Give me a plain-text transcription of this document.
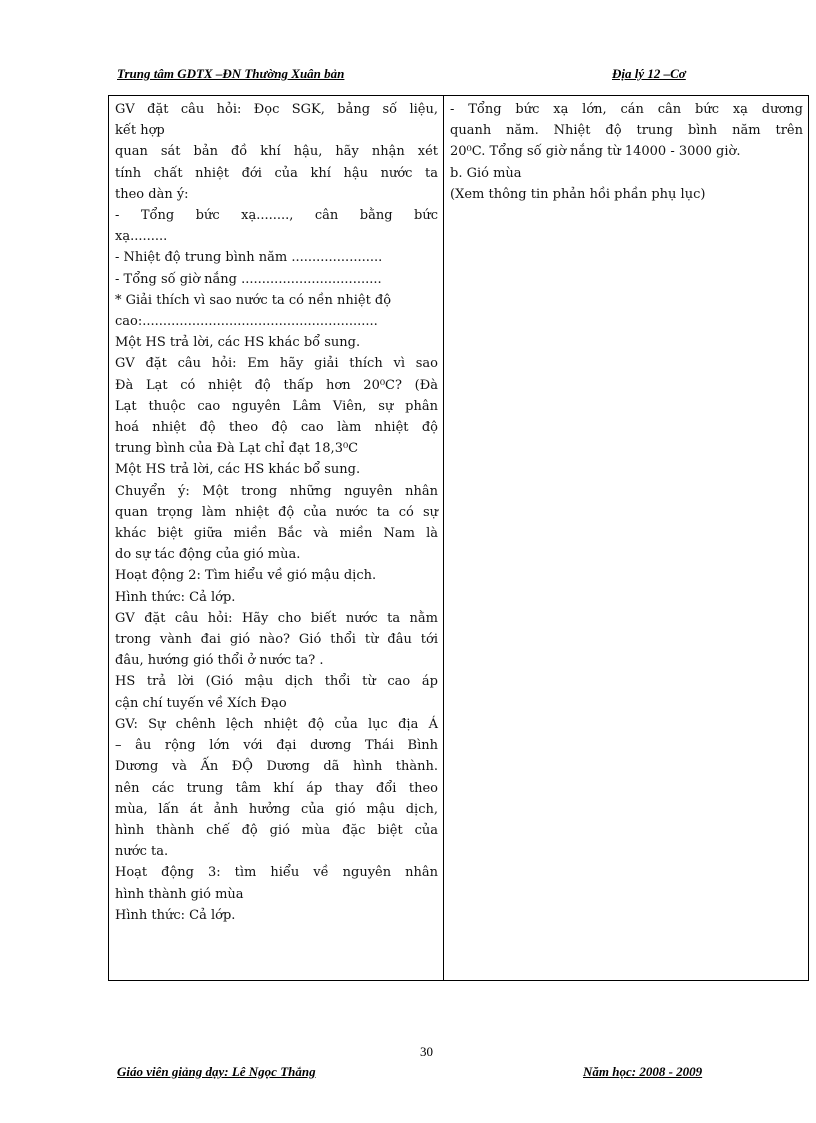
Trung tâm GDTX –ĐN Thường Xuân bản	Địa lý 12 –Cơ

GV đặt câu hỏi: Đọc SGK, bảng số liệu,

kết hợp

quan sát bản đồ khí hậu, hãy nhận xét

tính chất nhiệt đới của khí hậu nước ta

theo dàn ý:

- Tổng bức xạ........, cân bằng bức

xạ.........

- Nhiệt độ trung bình năm ......................

- Tổng số giờ nắng ..................................

* Giải thích vì sao nước ta có nền nhiệt độ

cao:.........................................................

Một HS trả lời, các HS khác bổ sung.

GV đặt câu hỏi: Em hãy giải thích vì sao

Đà Lạt có nhiệt độ thấp hơn 20⁰C? (Đà

Lạt thuộc cao nguyên Lâm Viên, sự phân

hoá nhiệt độ theo độ cao làm nhiệt độ

trung bình của Đà Lạt chỉ đạt 18,3⁰C

Một HS trả lời, các HS khác bổ sung.

Chuyển ý: Một trong những nguyên nhân

quan trọng làm nhiệt độ của nước ta có sự

khác biệt giữa miền Bắc và miền Nam là

do sự tác động của gió mùa.

Hoạt động 2: Tìm hiểu về gió mậu dịch.

Hình thức: Cả lớp.

GV đặt câu hỏi: Hãy cho biết nước ta nằm

trong vành đai gió nào? Gió thổi từ đâu tới

đâu, hướng gió thổi ở nước ta? .

HS trả lời (Gió mậu dịch thổi từ cao áp

cận chí tuyến về Xích Đạo

GV: Sự chênh lệch nhiệt độ của lục địa Á

– âu rộng lớn với đại dương Thái Bình

Dương và Ấn ĐỘ Dương dã hình thành.

nên các trung tâm khí áp thay đổi theo

mùa, lấn át ảnh hưởng của gió mậu dịch,

hình thành chế độ gió mùa đặc biệt của

nước ta.

Hoạt động 3: tìm hiểu về nguyên nhân

hình thành gió mùa

Hình thức: Cả lớp.

- Tổng bức xạ lớn, cán cân bức xạ dương

quanh năm. Nhiệt độ trung bình năm trên

20⁰C. Tổng số giờ nắng từ 14000 - 3000 giờ.

b. Gió mùa

(Xem thông tin phản hồi phần phụ lục)

30
Giáo viên giảng dạy: Lê Ngọc Thắng	Năm học: 2008 - 2009
